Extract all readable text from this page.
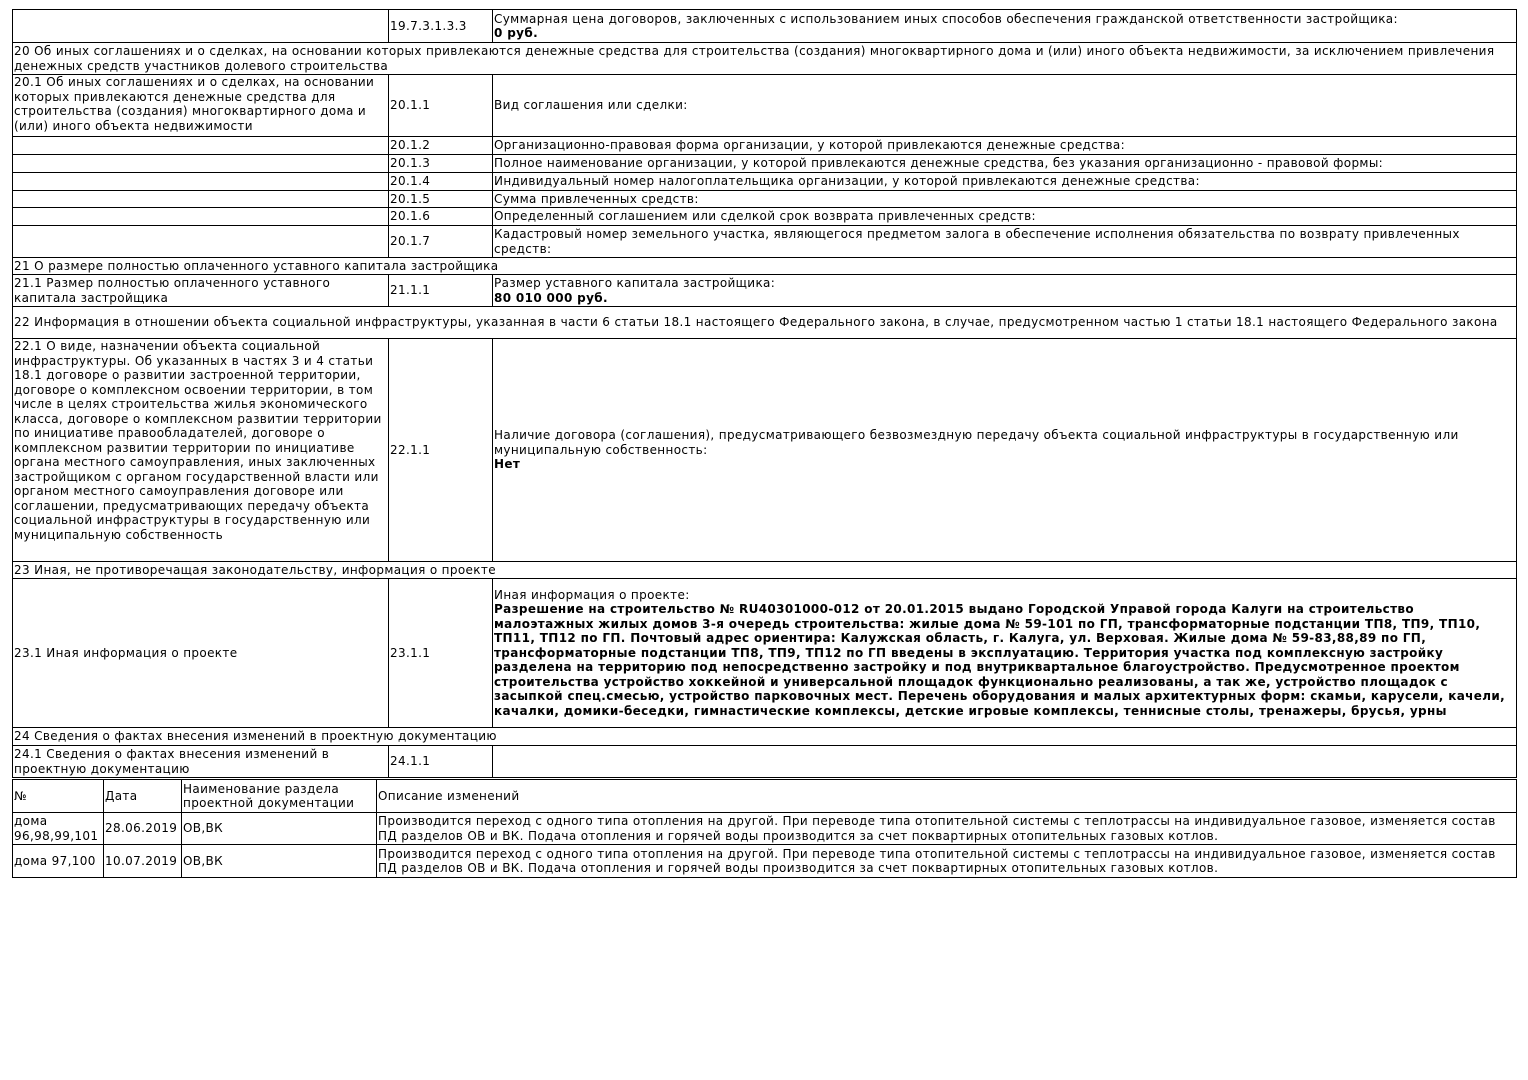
	19.7.3.1.3.3	Суммарная цена договоров, заключенных с использованием иных способов обеспечения гражданской ответственности застройщика:
0 руб.

20 Об иных соглашениях и о сделках, на основании которых привлекаются денежные средства для строительства (создания) многоквартирного дома и (или) иного объекта недвижимости, за исключением привлечения денежных средств участников долевого строительства		
20.1 Об иных соглашениях и о сделках, на основании которых привлекаются денежные средства для строительства (создания) многоквартирного дома и (или) иного объекта недвижимости	20.1.1	Вид соглашения или сделки:
	20.1.2	Организационно-правовая форма организации, у которой привлекаются денежные средства:
	20.1.3	Полное наименование организации, у которой привлекаются денежные средства, без указания организационно - правовой формы:
	20.1.4	Индивидуальный номер налогоплательщика организации, у которой привлекаются денежные средства:
	20.1.5	Сумма привлеченных средств:
	20.1.6	Определенный соглашением или сделкой срок возврата привлеченных средств:
	20.1.7	Кадастровый номер земельного участка, являющегося предметом залога в обеспечение исполнения обязательства по возврату привлеченных средств:
21 О размере полностью оплаченного уставного капитала застройщика		
21.1 Размер полностью оплаченного уставного капитала застройщика	21.1.1	Размер уставного капитала застройщика:
80 010 000 руб.

22 Информация в отношении объекта социальной инфраструктуры, указанная в части 6 статьи 18.1 настоящего Федерального закона, в случае, предусмотренном частью 1 статьи 18.1 настоящего Федерального закона		
22.1 О виде, назначении объекта социальной инфраструктуры. Об указанных в частях 3 и 4 статьи 18.1 договоре о развитии застроенной территории, договоре о комплексном освоении территории, в том числе в целях строительства жилья экономического класса, договоре о комплексном развитии территории по инициативе правообладателей, договоре о комплексном развитии территории по инициативе органа местного самоуправления, иных заключенных застройщиком с органом государственной власти или органом местного самоуправления договоре или соглашении, предусматривающих передачу объекта социальной инфраструктуры в государственную или муниципальную собственность	22.1.1	Наличие договора (соглашения), предусматривающего безвозмездную передачу объекта социальной инфраструктуры в государственную или муниципальную собственность:
Нет

23 Иная, не противоречащая законодательству, информация о проекте		
23.1 Иная информация о проекте	23.1.1	Иная информация о проекте:
Разрешение на строительство № RU40301000-012 от 20.01.2015 выдано Городской Управой города Калуги на строительство малоэтажных жилых домов 3-я очередь строительства: жилые дома № 59-101 по ГП, трансформаторные подстанции ТП8, ТП9, ТП10, ТП11, ТП12 по ГП. Почтовый адрес ориентира: Калужская область, г. Калуга, ул. Верховая. Жилые дома № 59-83,88,89 по ГП, трансформаторные подстанции ТП8, ТП9, ТП12 по ГП введены в эксплуатацию. Территория участка под комплексную застройку разделена на территорию под непосредственно застройку и под внутриквартальное благоустройство. Предусмотренное проектом строительства устройство хоккейной и универсальной площадок функционально реализованы, а так же, устройство площадок с засыпкой спец.смесью, устройство парковочных мест. Перечень оборудования и малых архитектурных форм: скамьи, карусели, качели, качалки, домики-беседки, гимнастические комплексы, детские игровые комплексы, теннисные столы, тренажеры, брусья, урны

24 Сведения о фактах внесения изменений в проектную документацию		
24.1 Сведения о фактах внесения изменений в проектную документацию	24.1.1	
№	Дата	Наименование раздела проектной документации	Описание изменений
дома 96,98,99,101	28.06.2019	ОВ,ВК	Производится переход с одного типа отопления на другой. При переводе типа отопительной системы с теплотрассы на индивидуальное газовое, изменяется состав ПД разделов ОВ и ВК. Подача отопления и горячей воды производится за счет поквартирных отопительных газовых котлов.
дома 97,100	10.07.2019	ОВ,ВК	Производится переход с одного типа отопления на другой. При переводе типа отопительной системы с теплотрассы на индивидуальное газовое, изменяется состав ПД разделов ОВ и ВК. Подача отопления и горячей воды производится за счет поквартирных отопительных газовых котлов.
